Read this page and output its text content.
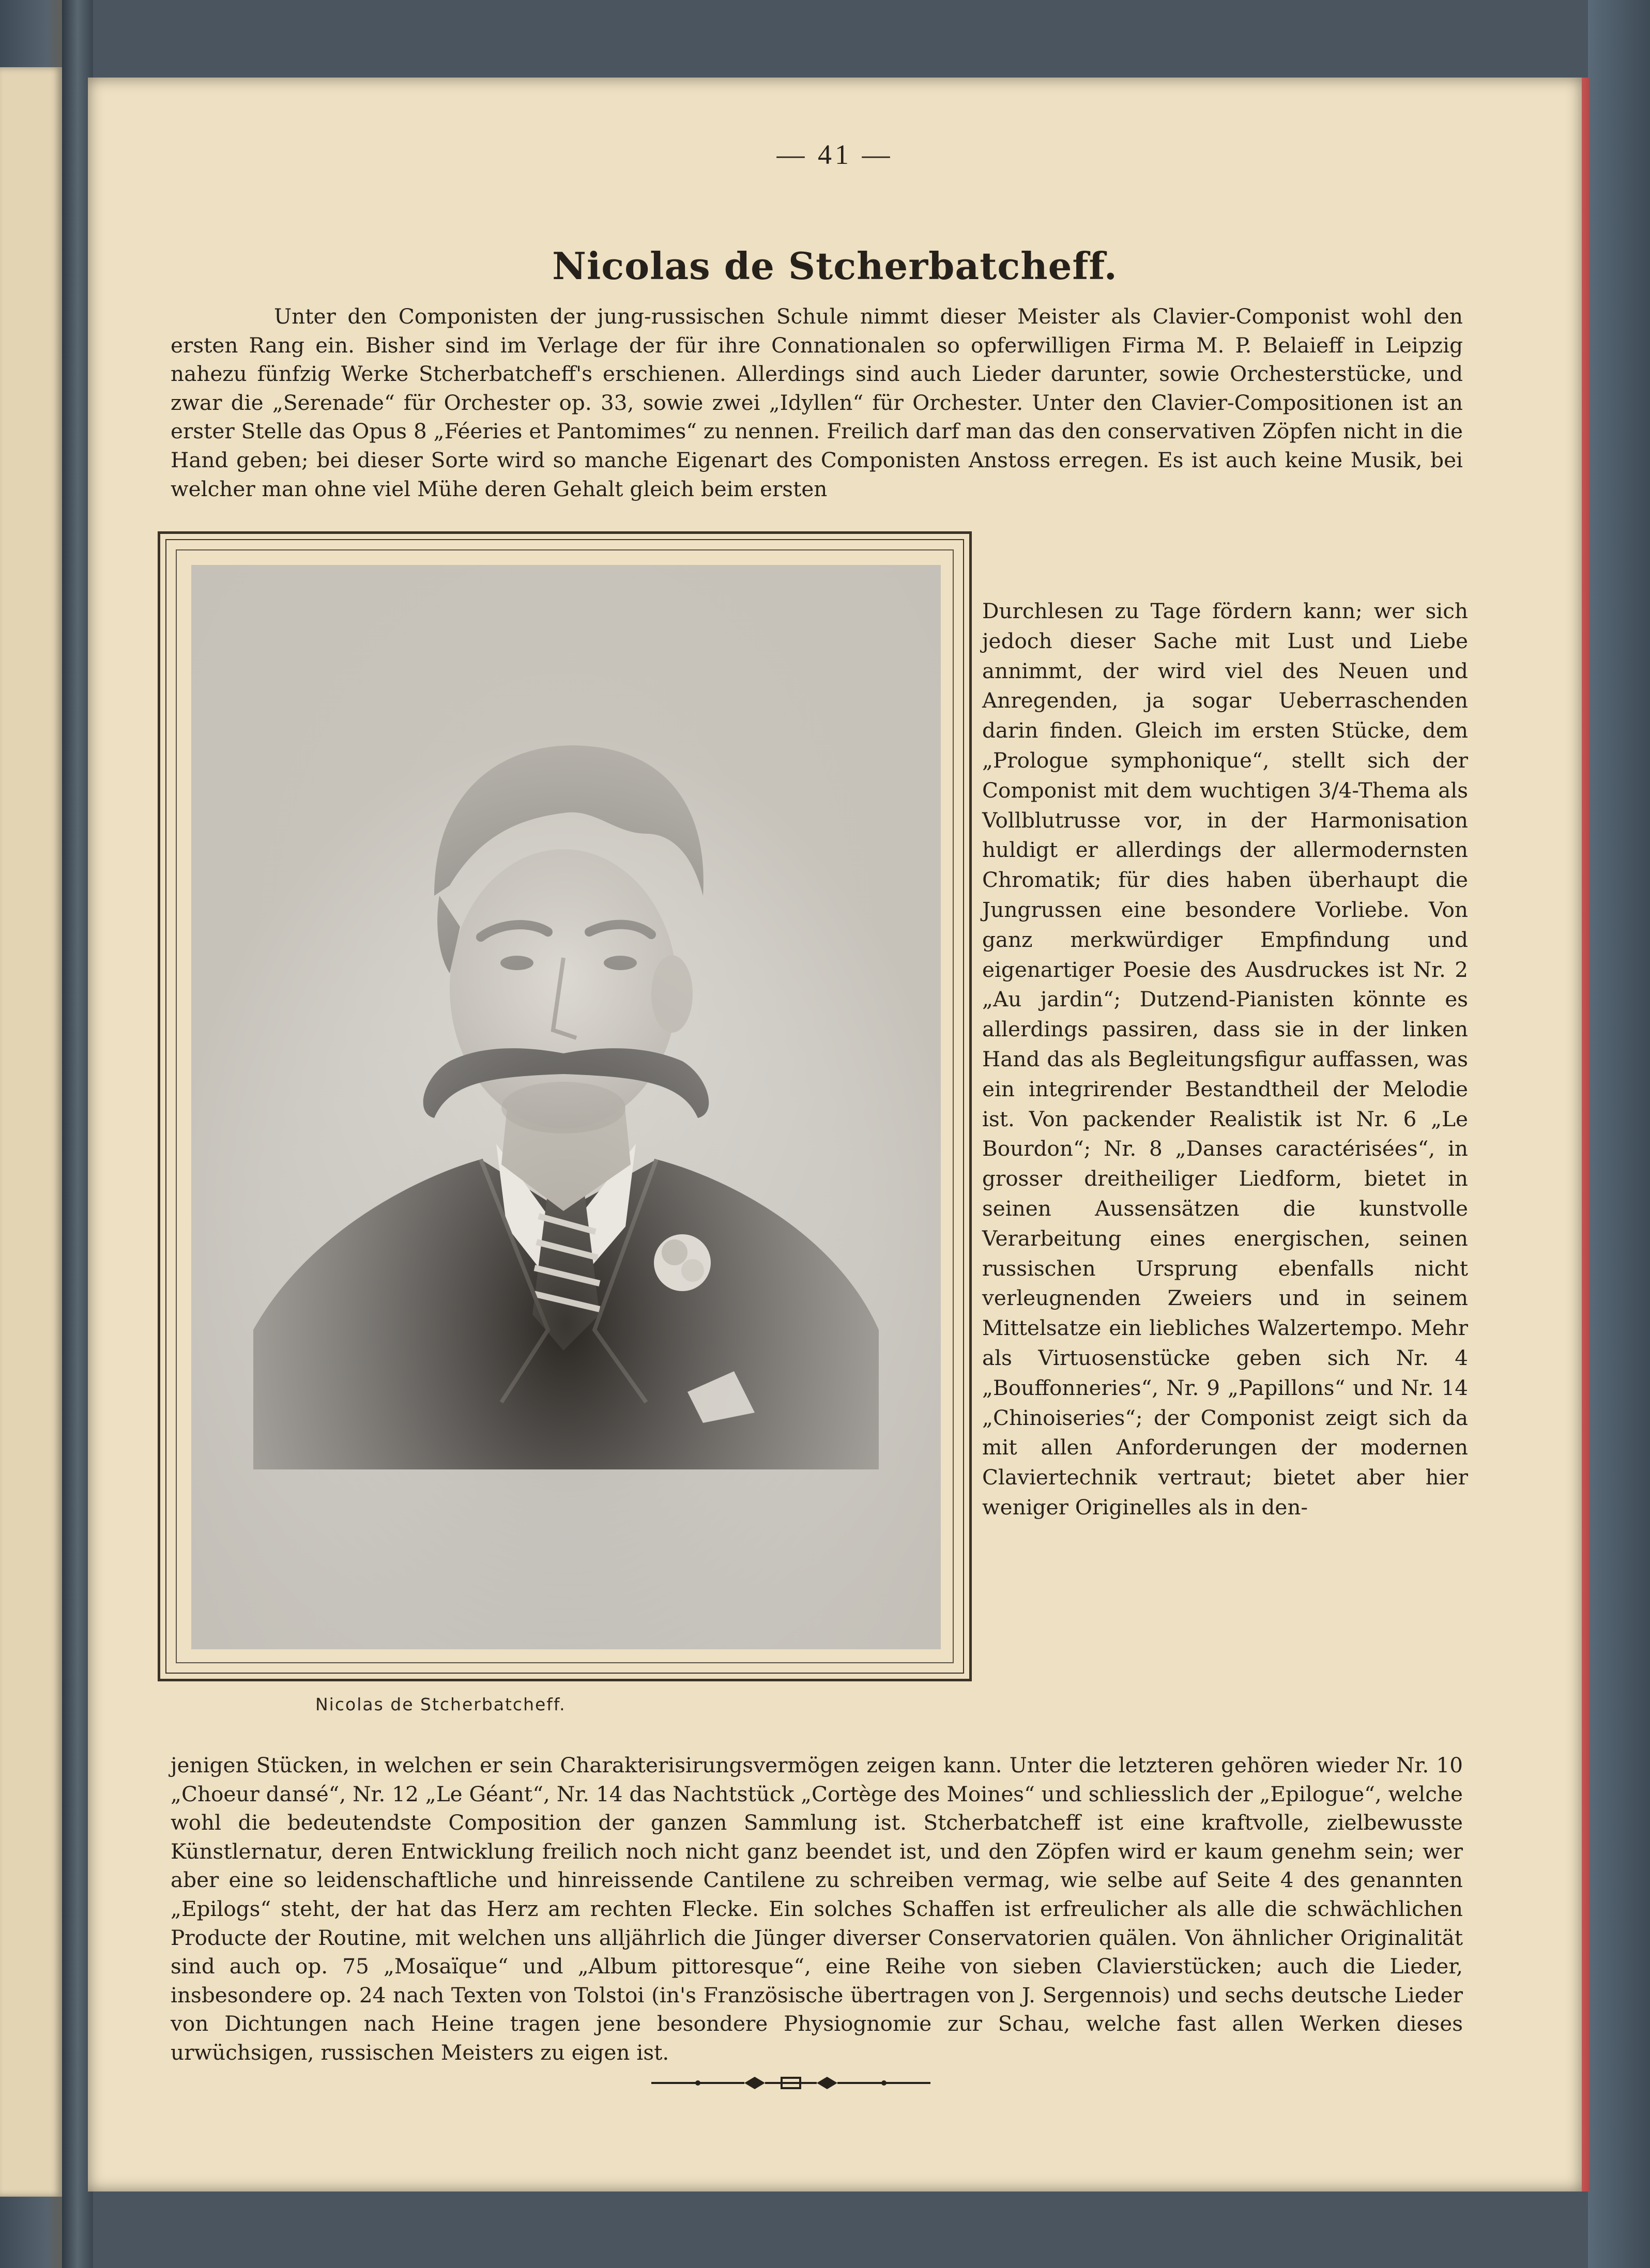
— 41 —
Nicolas de Stcherbatcheff.

Unter den Componisten der jung-russischen Schule nimmt dieser Meister als Clavier-Componist wohl den ersten Rang ein. Bisher sind im Verlage der für ihre Connationalen so opferwilligen Firma M. P. Belaieff in Leipzig nahezu fünfzig Werke Stcherbatcheff's erschienen. Allerdings sind auch Lieder darunter, sowie Orchesterstücke, und zwar die „Serenade“ für Orchester op. 33, sowie zwei „Idyllen“ für Orchester. Unter den Clavier-Compositionen ist an erster Stelle das Opus 8 „Féeries et Pantomimes“ zu nennen. Freilich darf man das den conservativen Zöpfen nicht in die Hand geben; bei dieser Sorte wird so manche Eigenart des Componisten Anstoss erregen. Es ist auch keine Musik, bei welcher man ohne viel Mühe deren Gehalt gleich beim ersten

Nicolas de Stcherbatcheff.

Durchlesen zu Tage fördern kann; wer sich jedoch dieser Sache mit Lust und Liebe annimmt, der wird viel des Neuen und Anregenden, ja sogar Ueberraschenden darin finden. Gleich im ersten Stücke, dem „Prologue symphonique“, stellt sich der Componist mit dem wuchtigen 3/4-Thema als Vollblutrusse vor, in der Harmonisation huldigt er allerdings der allermodernsten Chromatik; für dies haben überhaupt die Jungrussen eine besondere Vorliebe. Von ganz merkwürdiger Empfindung und eigenartiger Poesie des Ausdruckes ist Nr. 2 „Au jardin“; Dutzend-Pianisten könnte es allerdings passiren, dass sie in der linken Hand das als Begleitungsfigur auffassen, was ein integrirender Bestandtheil der Melodie ist. Von packender Realistik ist Nr. 6 „Le Bourdon“; Nr. 8 „Danses caractérisées“, in grosser dreitheiliger Liedform, bietet in seinen Aussensätzen die kunstvolle Verarbeitung eines energischen, seinen russischen Ursprung ebenfalls nicht verleugnenden Zweiers und in seinem Mittelsatze ein liebliches Walzertempo. Mehr als Virtuosenstücke geben sich Nr. 4 „Bouffonneries“, Nr. 9 „Papillons“ und Nr. 14 „Chinoiseries“; der Componist zeigt sich da mit allen Anforderungen der modernen Claviertechnik vertraut; bietet aber hier weniger Originelles als in den-

jenigen Stücken, in welchen er sein Charakterisirungsvermögen zeigen kann. Unter die letzteren gehören wieder Nr. 10 „Choeur dansé“, Nr. 12 „Le Géant“, Nr. 14 das Nachtstück „Cortège des Moines“ und schliesslich der „Epilogue“, welche wohl die bedeutendste Composition der ganzen Sammlung ist. Stcherbatcheff ist eine kraftvolle, zielbewusste Künstlernatur, deren Entwicklung freilich noch nicht ganz beendet ist, und den Zöpfen wird er kaum genehm sein; wer aber eine so leidenschaftliche und hinreissende Cantilene zu schreiben vermag, wie selbe auf Seite 4 des genannten „Epilogs“ steht, der hat das Herz am rechten Flecke. Ein solches Schaffen ist erfreulicher als alle die schwächlichen Producte der Routine, mit welchen uns alljährlich die Jünger diverser Conservatorien quälen. Von ähnlicher Originalität sind auch op. 75 „Mosaïque“ und „Album pittoresque“, eine Reihe von sieben Clavierstücken; auch die Lieder, insbesondere op. 24 nach Texten von Tolstoi (in's Französische übertragen von J. Sergennois) und sechs deutsche Lieder von Dichtungen nach Heine tragen jene besondere Physiognomie zur Schau, welche fast allen Werken dieses urwüchsigen, russischen Meisters zu eigen ist.
